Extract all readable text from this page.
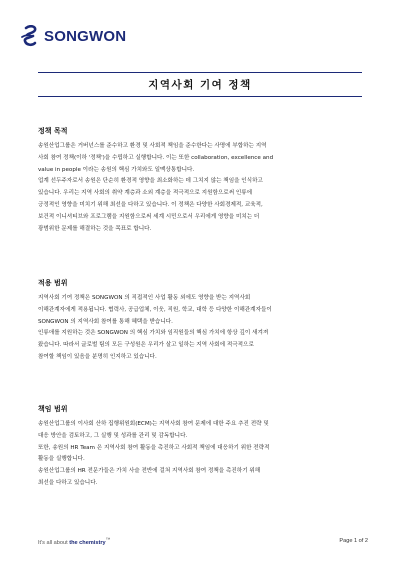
SONGWON
지역사회 기여 정책
정책 목적

송원산업그룹은 거버넌스를 준수하고 환경 및 사회적 책임을 준수한다는 사명에 부합하는 지역

사회 참여 정책(이하 '정책')을 수립하고 실행합니다. 이는 또한 collaboration, excellence and

value in people 이라는 송원의 핵심 가치와도 일맥상통합니다.

업계 선두주자로서 송원은 단순히 환경적 영향을 최소화하는 데 그치지 않는 책임을 인식하고

있습니다. 우리는 지역 사회의 취약 계층과 소외 계층을 적극적으로 지원함으로써 인류에

긍정적인 영향을 미치기 위해 최선을 다하고 있습니다. 이 정책은 다양한 사회경제적, 교육적,

보건적 이니셔티브와 프로그램을 지원함으로써 세계 시민으로서 우리에게 영향을 미치는 더

광범위한 문제를 해결하는 것을 목표로 합니다.

적용 범위

지역사회 기여 정책은 SONGWON 의 직접적인 사업 활동 외에도 영향을 받는 지역사회

이해관계자에게 적용됩니다. 협력사, 공급업체, 이웃, 직원, 학교, 대학 등 다양한 이해관계자들이

SONGWON 의 지역사회 참여를 통해 혜택을 받습니다.

인류애를 지원하는 것은 SONGWON 의 핵심 가치와 임직원들의 핵심 가치에 항상 깊이 새겨져

왔습니다. 따라서 글로벌 팀의 모든 구성원은 우리가 살고 일하는 지역 사회에 적극적으로

참여할 책임이 있음을 분명히 인지하고 있습니다.

책임 범위

송원산업그룹의 이사회 산하 집행위원회(ECM)는 지역사회 참여 문제에 대한 주요 추진 전략 및

대응 방안을 검토하고, 그 실행 및 성과를 관리 및 감독합니다.

또한, 송원의 HR Team 은 지역사회 참여 활동을 촉진하고 사회적 책임에 대응하기 위한 전략적

활동을 실행합니다.

송원산업그룹의 HR 전문가들은 가치 사슬 전반에 걸쳐 지역사회 참여 정책을 촉진하기 위해

최선을 다하고 있습니다.

It's all about the chemistry™	Page 1 of 2
